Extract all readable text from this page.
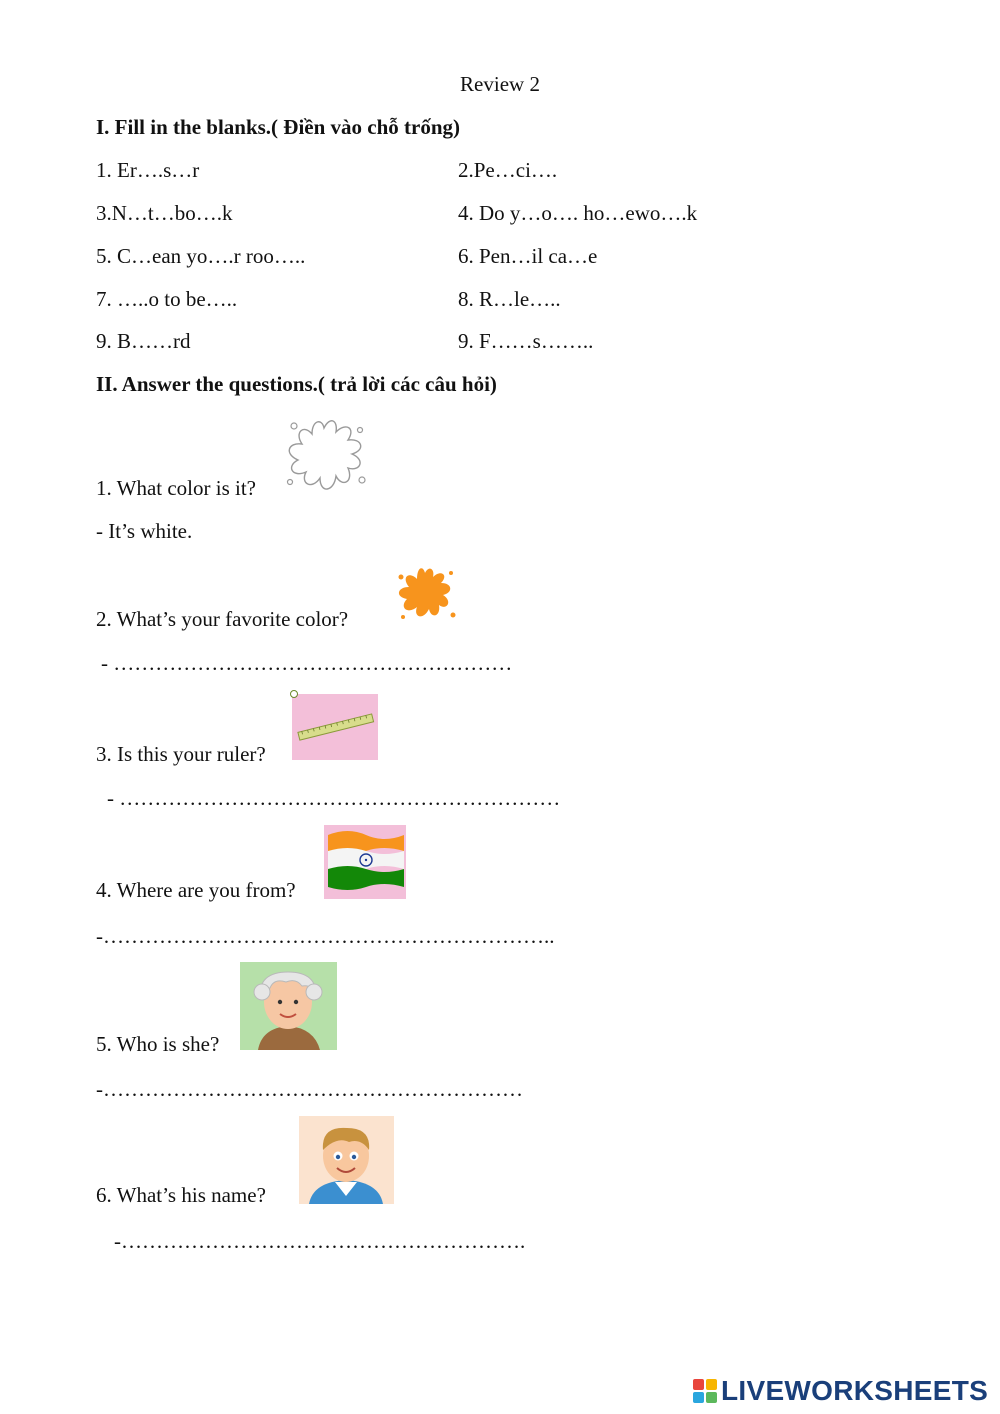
Review 2
I. Fill in the blanks.( Điền vào chỗ trống)
1. Er….s…r	2.Pe…ci….
3.N…t…bo….k	4. Do y…o…. ho…ewo….k
5. C…ean yo….r roo…..	6. Pen…il ca…e
7. …..o to be…..	8. R…le…..
9. B……rd	9. F……s……..
II. Answer the questions.( trả lời các câu hỏi)
1. What color is it?
- It’s white.
2. What’s your favorite color?
- …………………………………………………
3. Is this your ruler?
- ………………………………………………………
4. Where are you from?
-………………………………………………………..
5. Who is she?
-……………………………………………………
6. What’s his name?
-………………………………………………….
LIVEWORKSHEETS
